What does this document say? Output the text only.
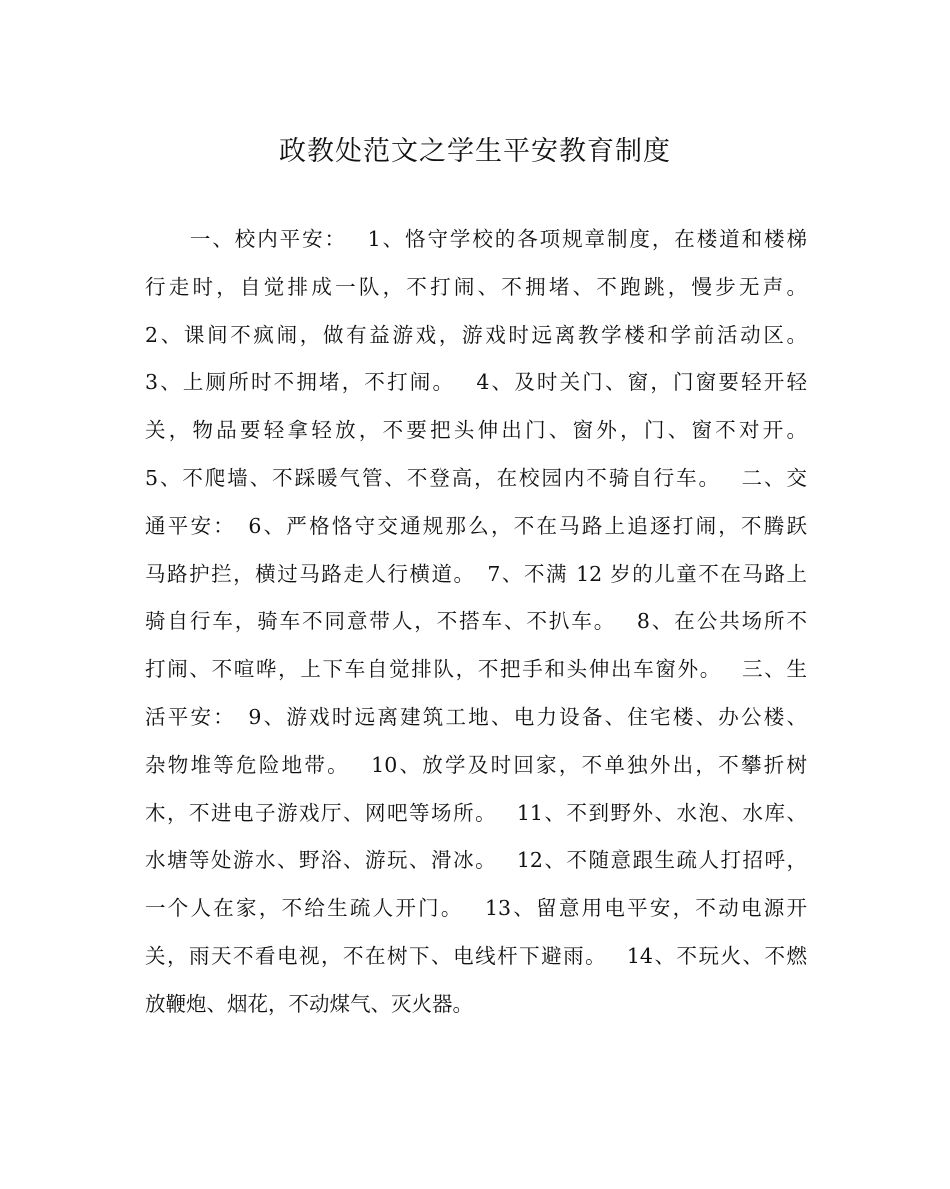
政教处范文之学生平安教育制度
　　一、校内平安：　 1、恪守学校的各项规章制度，在楼道和楼梯
行走时，自觉排成一队，不打闹、不拥堵、不跑跳，慢步无声。
2、课间不疯闹，做有益游戏，游戏时远离教学楼和学前活动区。
3、上厕所时不拥堵，不打闹。　 4、及时关门、窗，门窗要轻开轻
关，物品要轻拿轻放，不要把头伸出门、窗外，门、窗不对开。
5、不爬墙、不踩暖气管、不登高，在校园内不骑自行车。　 二、交
通平安：　6、严格恪守交通规那么，不在马路上追逐打闹，不腾跃
马路护拦，横过马路走人行横道。　7、不满 12 岁的儿童不在马路上
骑自行车，骑车不同意带人，不搭车、不扒车。　 8、在公共场所不
打闹、不喧哗，上下车自觉排队，不把手和头伸出车窗外。　 三、生
活平安：　9、游戏时远离建筑工地、电力设备、住宅楼、办公楼、
杂物堆等危险地带。　 10、放学及时回家，不单独外出，不攀折树
木，不进电子游戏厅、网吧等场所。　 11、不到野外、水泡、水库、
水塘等处游水、野浴、游玩、滑冰。　 12、不随意跟生疏人打招呼，
一个人在家，不给生疏人开门。　 13、留意用电平安，不动电源开
关，雨天不看电视，不在树下、电线杆下避雨。　 14、不玩火、不燃
放鞭炮、烟花，不动煤气、灭火器。
